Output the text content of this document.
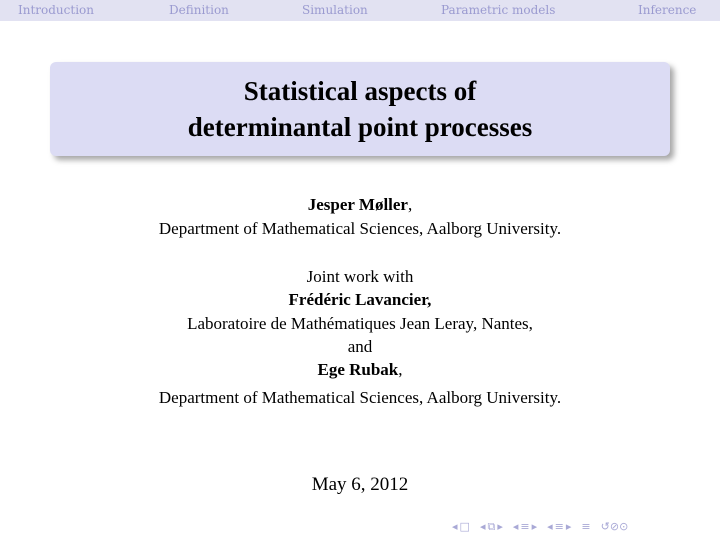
Introduction	Definition	Simulation	Parametric models	Inference
Statistical aspects of
determinantal point processes
Jesper Møller,
Department of Mathematical Sciences, Aalborg University.
Joint work with
Frédéric Lavancier,
Laboratoire de Mathématiques Jean Leray, Nantes,
and
Ege Rubak,
Department of Mathematical Sciences, Aalborg University.
May 6, 2012
◂ □ ◂ ⧉ ▸ ◂ ≡ ▸ ◂ ≡ ▸ ≡ ↺⊘⊙
